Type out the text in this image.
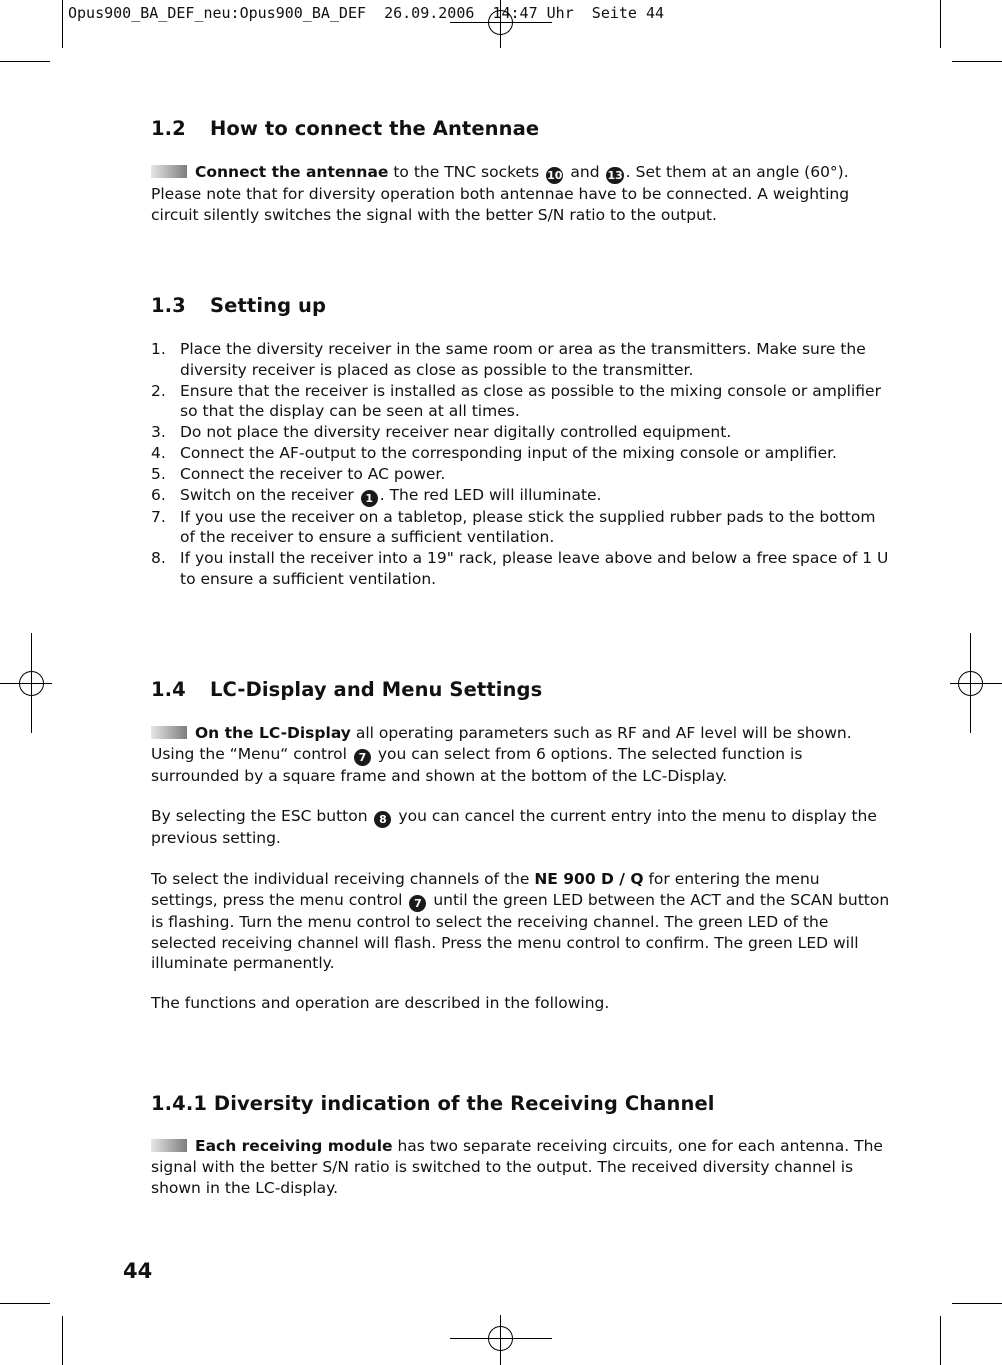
Opus900_BA_DEF_neu:Opus900_BA_DEF  26.09.2006  14:47 Uhr  Seite 44
1.2 How to connect the Antennae

Connect the antennae to the TNC sockets 10 and 13 . Set them at an angle (60°). Please note that for diversity operation both antennae have to be connected. A weighting circuit silently switches the signal with the better S/N ratio to the output.

1.3 Setting up
1. Place the diversity receiver in the same room or area as the transmitters. Make sure the diversity receiver is placed as close as possible to the transmitter.
2. Ensure that the receiver is installed as close as possible to the mixing console or amplifier so that the display can be seen at all times.
3. Do not place the diversity receiver near digitally controlled equipment.
4. Connect the AF-output to the corresponding input of the mixing console or amplifier.
5. Connect the receiver to AC power.
6. Switch on the receiver 1 . The red LED will illuminate.
7. If you use the receiver on a tabletop, please stick the supplied rubber pads to the bottom of the receiver to ensure a sufficient ventilation.
8. If you install the receiver into a 19" rack, please leave above and below a free space of 1 U to ensure a sufficient ventilation.
1.4 LC-Display and Menu Settings

On the LC-Display all operating parameters such as RF and AF level will be shown. Using the “Menu“ control 7 you can select from 6 options. The selected function is surrounded by a square frame and shown at the bottom of the LC-Display.

By selecting the ESC button 8 you can cancel the current entry into the menu to display the previous setting.

To select the individual receiving channels of the NE 900 D / Q for entering the menu settings, press the menu control 7 until the green LED between the ACT and the SCAN button is flashing. Turn the menu control to select the receiving channel. The green LED of the selected receiving channel will flash. Press the menu control to confirm. The green LED will illuminate permanently.

The functions and operation are described in the following.

1.4.1 Diversity indication of the Receiving Channel

Each receiving module has two separate receiving circuits, one for each antenna. The signal with the better S/N ratio is switched to the output. The received diversity channel is shown in the LC-display.

44
